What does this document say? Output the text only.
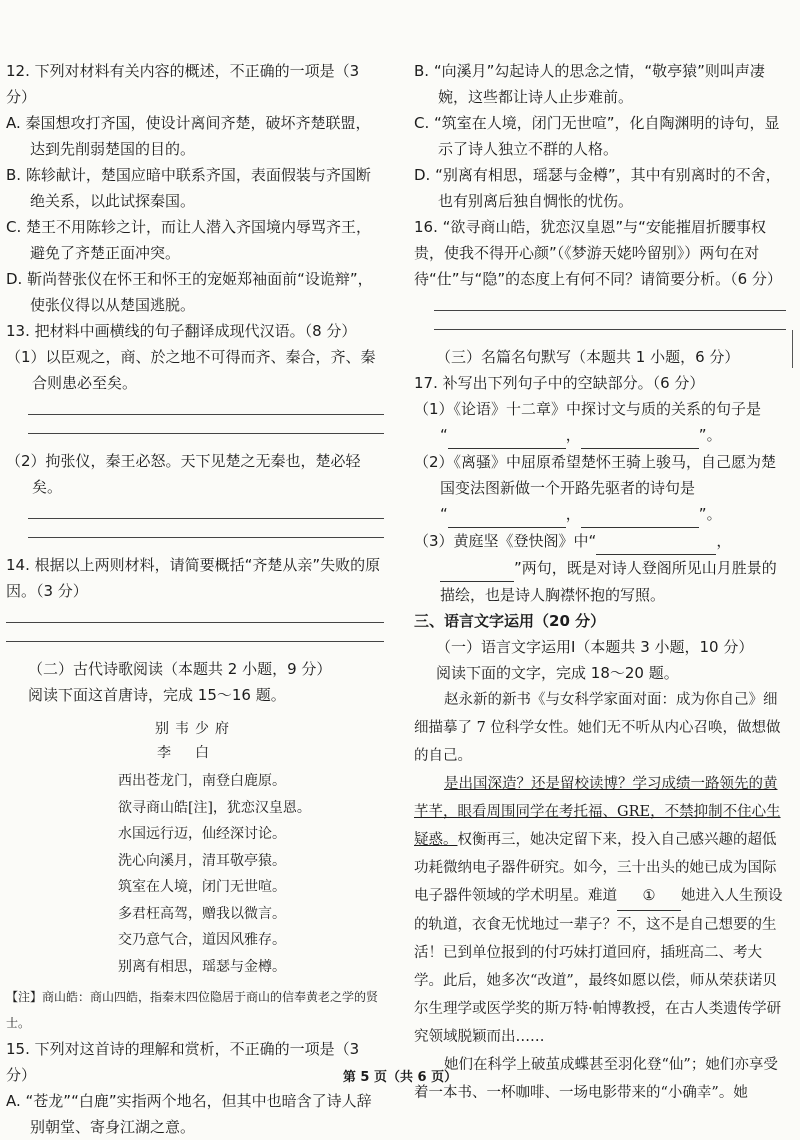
12. 下列对材料有关内容的概述，不正确的一项是（3 分）

A. 秦国想攻打齐国，使设计离间齐楚，破坏齐楚联盟，达到先削弱楚国的目的。

B. 陈轸献计，楚国应暗中联系齐国，表面假装与齐国断绝关系，以此试探秦国。

C. 楚王不用陈轸之计，而让人潜入齐国境内辱骂齐王，避免了齐楚正面冲突。

D. 靳尚替张仪在怀王和怀王的宠姬郑袖面前“设诡辩”，使张仪得以从楚国逃脱。

13. 把材料中画横线的句子翻译成现代汉语。（8 分）

（1）以臣观之，商、於之地不可得而齐、秦合，齐、秦合则患必至矣。

（2）拘张仪，秦王必怒。天下见楚之无秦也，楚必轻矣。

14. 根据以上两则材料，请简要概括“齐楚从亲”失败的原因。（3 分）

（二）古代诗歌阅读（本题共 2 小题，9 分）

阅读下面这首唐诗，完成 15～16 题。

别韦少府

李白

西出苍龙门，南登白鹿原。

欲寻商山皓[注]，犹恋汉皇恩。

水国远行迈，仙经深讨论。

洗心向溪月，清耳敬亭猿。

筑室在人境，闭门无世喧。

多君枉高驾，赠我以微言。

交乃意气合，道因风雅存。

别离有相思，瑶瑟与金樽。

【注】商山皓：商山四皓，指秦末四位隐居于商山的信奉黄老之学的贤士。

15. 下列对这首诗的理解和赏析，不正确的一项是（3 分）

A. “苍龙”“白鹿”实指两个地名，但其中也暗含了诗人辞别朝堂、寄身江湖之意。

B. “向溪月”勾起诗人的思念之情，“敬亭猿”则叫声凄婉，这些都让诗人止步难前。

C. “筑室在人境，闭门无世喧”，化自陶渊明的诗句，显示了诗人独立不群的人格。

D. “别离有相思，瑶瑟与金樽”，其中有别离时的不舍，也有别离后独自惆怅的忧伤。

16. “欲寻商山皓，犹恋汉皇恩”与“安能摧眉折腰事权贵，使我不得开心颜”（《梦游天姥吟留别》）两句在对待“仕”与“隐”的态度上有何不同？请简要分析。（6 分）

（三）名篇名句默写（本题共 1 小题，6 分）

17. 补写出下列句子中的空缺部分。（6 分）

（1）《论语》十二章》中探讨文与质的关系的句子是

“	，	”。

（2）《离骚》中屈原希望楚怀王骑上骏马，自己愿为楚国变法图新做一个开路先驱者的诗句是

“	，	”。

（3）黄庭坚《登快阁》中“	，

”两句，既是对诗人登阁所见山月胜景的描绘，也是诗人胸襟怀抱的写照。

三、语言文字运用（20 分）

（一）语言文字运用Ⅰ（本题共 3 小题，10 分）

阅读下面的文字，完成 18～20 题。

赵永新的新书《与女科学家面对面：成为你自己》细细描摹了 7 位科学女性。她们无不听从内心召唤，做想做的自己。

是出国深造？还是留校读博？学习成绩一路领先的黄芊芊，眼看周围同学在考托福、GRE，不禁抑制不住心生疑惑。权衡再三，她决定留下来，投入自己感兴趣的超低功耗微纳电子器件研究。如今，三十出头的她已成为国际电子器件领域的学术明星。难道 ① 她进入人生预设的轨道，衣食无忧地过一辈子？不，这不是自己想要的生活！已到单位报到的付巧妹打道回府，插班高二、考大学。此后，她多次“改道”，最终如愿以偿，师从荣获诺贝尔生理学或医学奖的斯万特·帕博教授，在古人类遗传学研究领域脱颖而出……

她们在科学上破茧成蝶甚至羽化登“仙”；她们亦享受着一本书、一杯咖啡、一场电影带来的“小确幸”。她

第 5 页（共 6 页）
